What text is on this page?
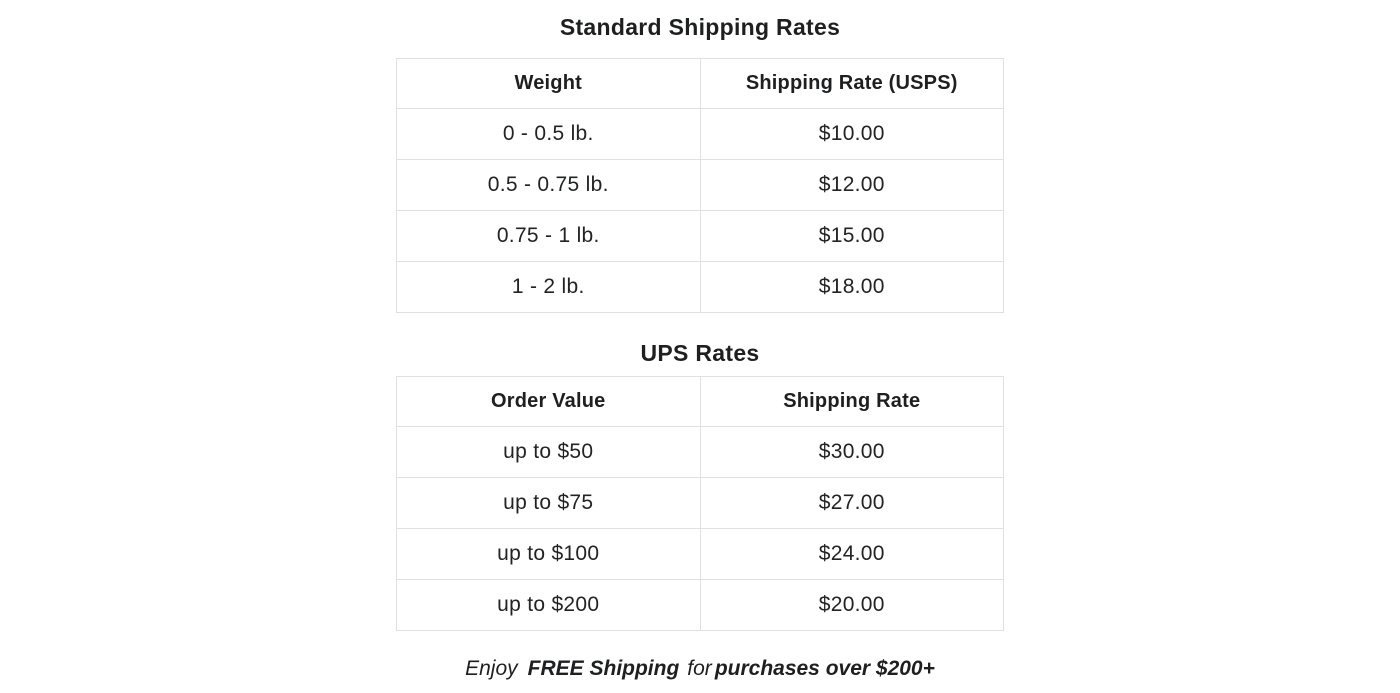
Standard Shipping Rates
Weight	Shipping Rate (USPS)
0 - 0.5 lb.	$10.00
0.5 - 0.75 lb.	$12.00
0.75 - 1 lb.	$15.00
1 - 2 lb.	$18.00
UPS Rates
Order Value	Shipping Rate
up to $50	$30.00
up to $75	$27.00
up to $100	$24.00
up to $200	$20.00

Enjoy FREE Shipping for purchases over $200+
